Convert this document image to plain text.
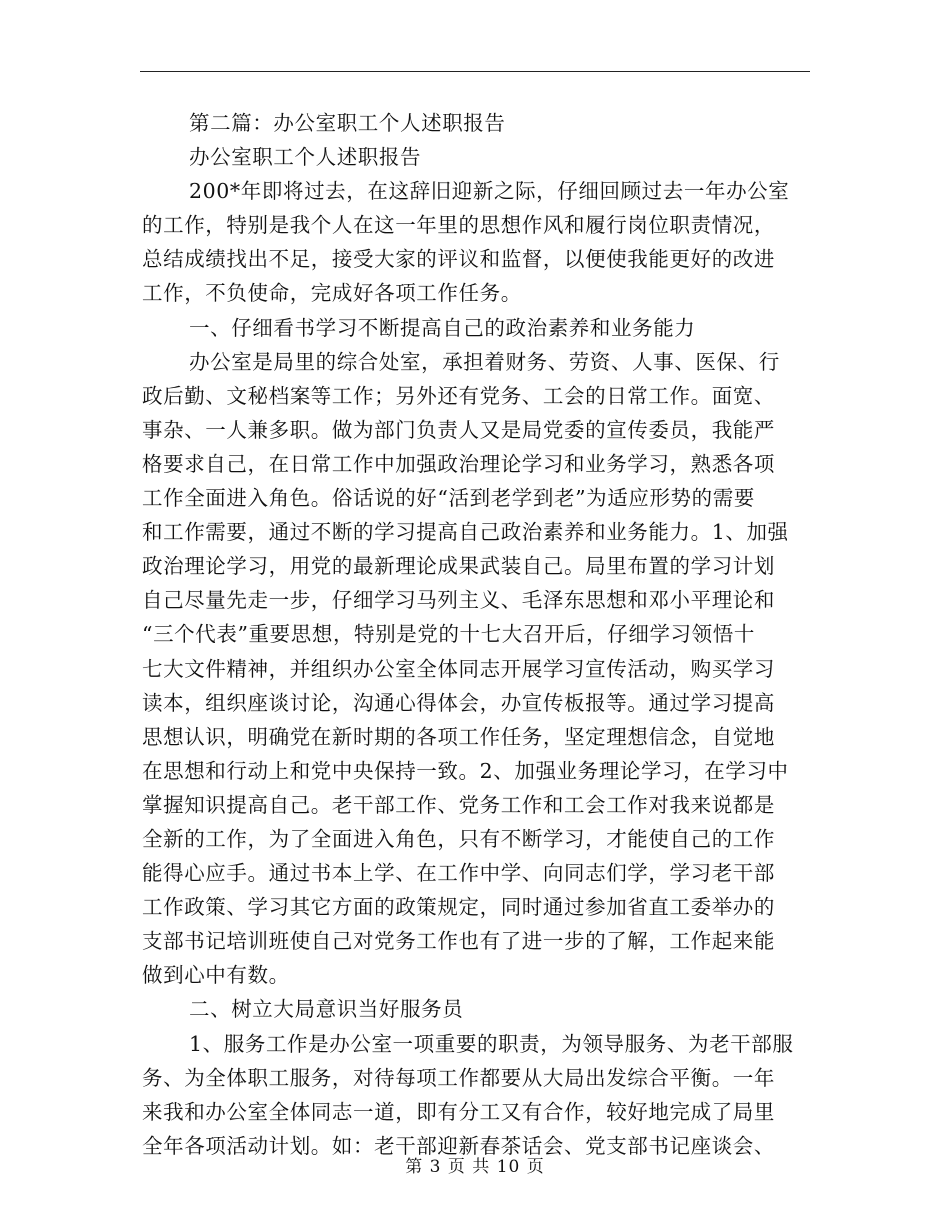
第二篇：办公室职工个人述职报告
办公室职工个人述职报告
200*年即将过去，在这辞旧迎新之际，仔细回顾过去一年办公室
的工作，特别是我个人在这一年里的思想作风和履行岗位职责情况，
总结成绩找出不足，接受大家的评议和监督，以便使我能更好的改进
工作，不负使命，完成好各项工作任务。
一、仔细看书学习不断提高自己的政治素养和业务能力
办公室是局里的综合处室，承担着财务、劳资、人事、医保、行
政后勤、文秘档案等工作；另外还有党务、工会的日常工作。面宽、
事杂、一人兼多职。做为部门负责人又是局党委的宣传委员，我能严
格要求自己，在日常工作中加强政治理论学习和业务学习，熟悉各项
工作全面进入角色。俗话说的好“活到老学到老”为适应形势的需要
和工作需要，通过不断的学习提高自己政治素养和业务能力。1、加强
政治理论学习，用党的最新理论成果武装自己。局里布置的学习计划
自己尽量先走一步，仔细学习马列主义、毛泽东思想和邓小平理论和
“三个代表”重要思想，特别是党的十七大召开后，仔细学习领悟十
七大文件精神，并组织办公室全体同志开展学习宣传活动，购买学习
读本，组织座谈讨论，沟通心得体会，办宣传板报等。通过学习提高
思想认识，明确党在新时期的各项工作任务，坚定理想信念，自觉地
在思想和行动上和党中央保持一致。2、加强业务理论学习，在学习中
掌握知识提高自己。老干部工作、党务工作和工会工作对我来说都是
全新的工作，为了全面进入角色，只有不断学习，才能使自己的工作
能得心应手。通过书本上学、在工作中学、向同志们学，学习老干部
工作政策、学习其它方面的政策规定，同时通过参加省直工委举办的
支部书记培训班使自己对党务工作也有了进一步的了解，工作起来能
做到心中有数。
二、树立大局意识当好服务员
1、服务工作是办公室一项重要的职责，为领导服务、为老干部服
务、为全体职工服务，对待每项工作都要从大局出发综合平衡。一年
来我和办公室全体同志一道，即有分工又有合作，较好地完成了局里
全年各项活动计划。如：老干部迎新春茶话会、党支部书记座谈会、
第 3 页 共 10 页
